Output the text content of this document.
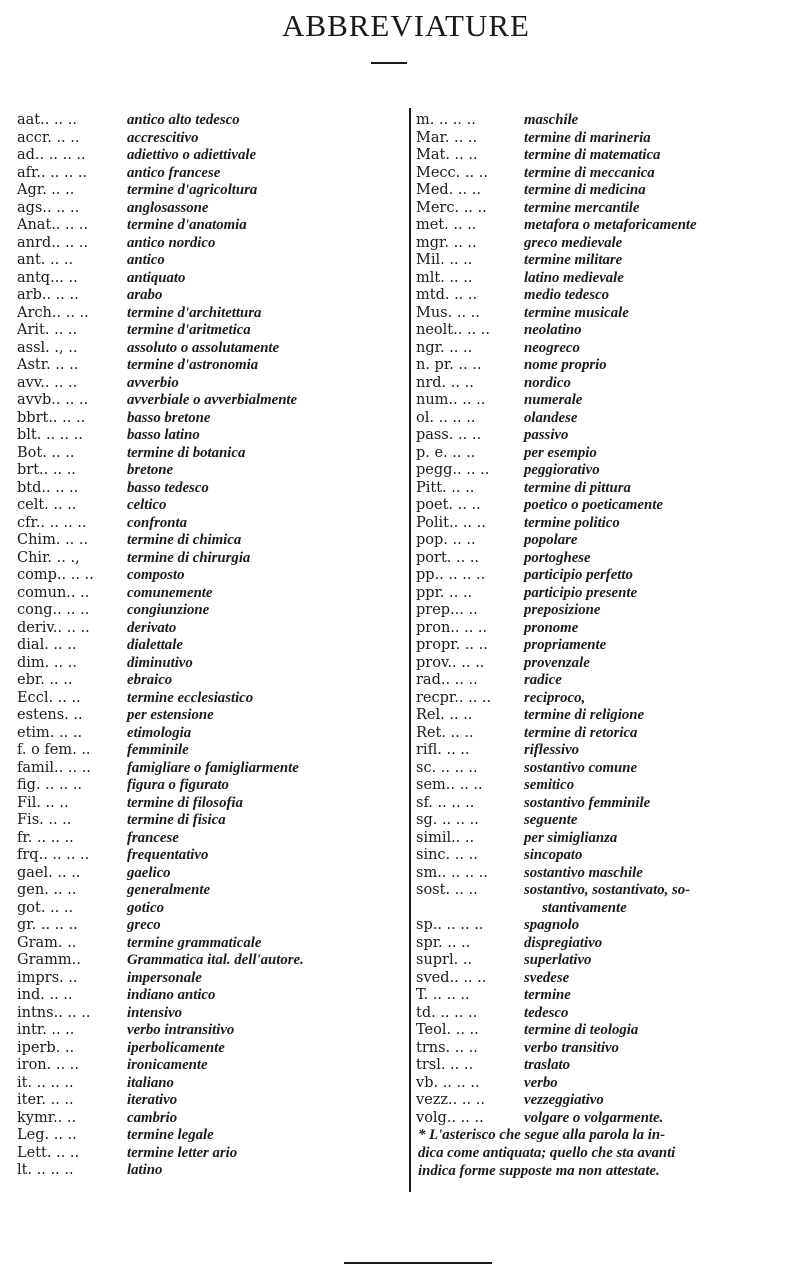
ABBREVIATURE
aat.. .. ..	antico alto tedesco
accr. .. ..	accrescitivo
ad.. .. .. ..	adiettivo o adiettivale
afr.. .. .. ..	antico francese
Agr. .. ..	termine d'agricoltura
ags.. .. ..	anglosassone
Anat.. .. ..	termine d'anatomia
anrd.. .. ..	antico nordico
ant. .. ..	antico
antq... ..	antiquato
arb.. .. ..	arabo
Arch.. .. ..	termine d'architettura
Arit. .. ..	termine d'aritmetica
assl. ., ..	assoluto o assolutamente
Astr. .. ..	termine d'astronomia
avv.. .. ..	avverbio
avvb.. .. ..	avverbiale o avverbialmente
bbrt.. .. ..	basso bretone
blt. .. .. ..	basso latino
Bot. .. ..	termine di botanica
brt.. .. ..	bretone
btd.. .. ..	basso tedesco
celt. .. ..	celtico
cfr.. .. .. ..	confronta
Chim. .. ..	termine di chimica
Chir. .. .,	termine di chirurgia
comp.. .. ..	composto
comun.. ..	comunemente
cong.. .. ..	congiunzione
deriv.. .. ..	derivato
dial. .. ..	dialettale
dim. .. ..	diminutivo
ebr. .. ..	ebraico
Eccl. .. ..	termine ecclesiastico
estens. ..	per estensione
etim. .. ..	etimologia
f. o fem. ..	femminile
famil.. .. ..	famigliare o famigliarmente
fig. .. .. ..	figura o figurato
Fil. .. ..	termine di filosofia
Fis. .. ..	termine di fisica
fr. .. .. ..	francese
frq.. .. .. ..	frequentativo
gael. .. ..	gaelico
gen. .. ..	generalmente
got. .. ..	gotico
gr. .. .. ..	greco
Gram. ..	termine grammaticale
Gramm..	Grammatica ital. dell'autore.
imprs. ..	impersonale
ind. .. ..	indiano antico
intns.. .. ..	intensivo
intr. .. ..	verbo intransitivo
iperb. ..	iperbolicamente
iron. .. ..	ironicamente
it. .. .. ..	italiano
iter. .. ..	iterativo
kymr.. ..	cambrio
Leg. .. ..	termine legale
Lett. .. ..	termine letter ario
lt. .. .. ..	latino
m. .. .. ..	maschile
Mar. .. ..	termine di marineria
Mat. .. ..	termine di matematica
Mecc. .. ..	termine di meccanica
Med. .. ..	termine di medicina
Merc. .. ..	termine mercantile
met. .. ..	metafora o metaforicamente
mgr. .. ..	greco medievale
Mil. .. ..	termine militare
mlt. .. ..	latino medievale
mtd. .. ..	medio tedesco
Mus. .. ..	termine musicale
neolt.. .. ..	neolatino
ngr. .. ..	neogreco
n. pr. .. ..	nome proprio
nrd. .. ..	nordico
num.. .. ..	numerale
ol. .. .. ..	olandese
pass. .. ..	passivo
p. e. .. ..	per esempio
pegg.. .. ..	peggiorativo
Pitt. .. ..	termine di pittura
poet. .. ..	poetico o poeticamente
Polit.. .. ..	termine politico
pop. .. ..	popolare
port. .. ..	portoghese
pp.. .. .. ..	participio perfetto
ppr. .. ..	participio presente
prep... ..	preposizione
pron.. .. ..	pronome
propr. .. ..	propriamente
prov.. .. ..	provenzale
rad.. .. ..	radice
recpr.. .. ..	reciproco,
Rel. .. ..	termine di religione
Ret. .. ..	termine di retorica
rifl. .. ..	riflessivo
sc. .. .. ..	sostantivo comune
sem.. .. ..	semitico
sf. .. .. ..	sostantivo femminile
sg. .. .. ..	seguente
simil.. ..	per simiglianza
sinc. .. ..	sincopato
sm.. .. .. ..	sostantivo maschile
sost. .. ..	sostantivo, sostantivato, so-
stantivamente
sp.. .. .. ..	spagnolo
spr. .. ..	dispregiativo
suprl. ..	superlativo
sved.. .. ..	svedese
T. .. .. ..	termine
td. .. .. ..	tedesco
Teol. .. ..	termine di teologia
trns. .. ..	verbo transitivo
trsl. .. ..	traslato
vb. .. .. ..	verbo
vezz.. .. ..	vezzeggiativo
volg.. .. ..	volgare o volgarmente.
* L'asterisco che segue alla parola la in-
dica come antiquata; quello che sta avanti
indica forme supposte ma non attestate.
